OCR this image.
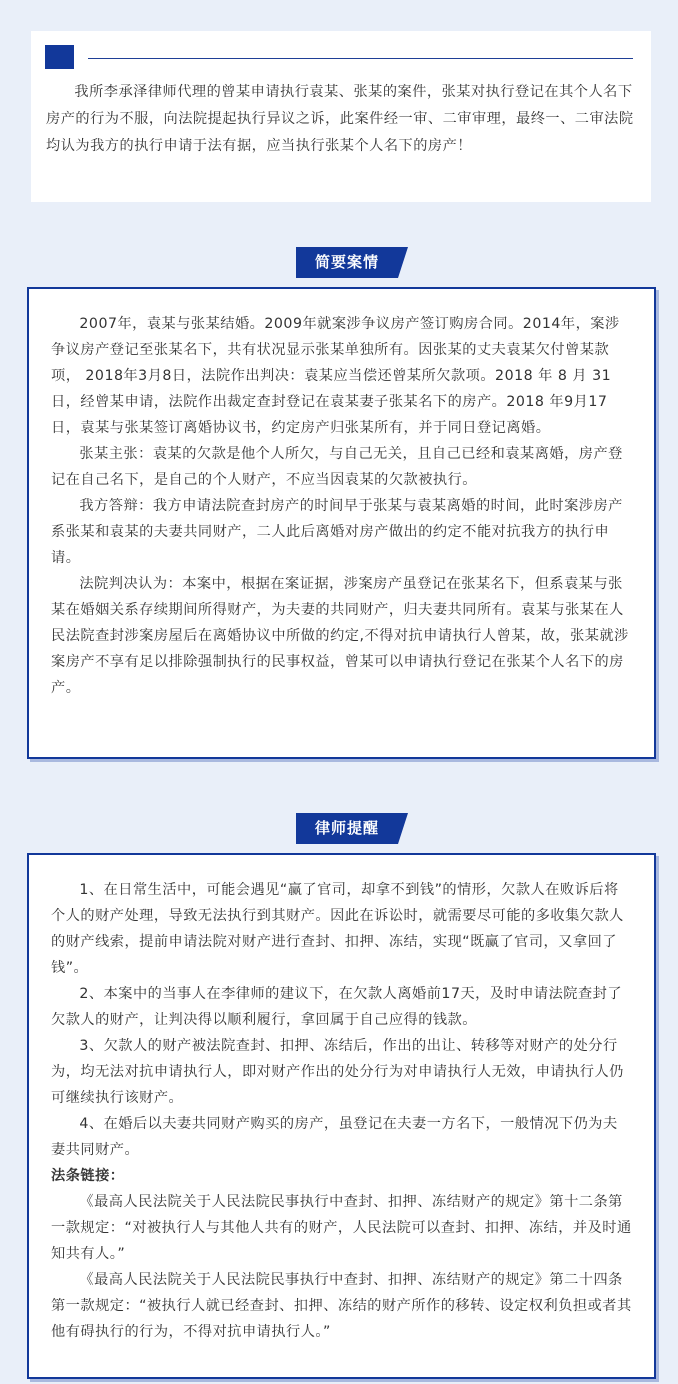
我所李承泽律师代理的曾某申请执行袁某、张某的案件，张某对执行登记在其个人名下房产的行为不服，向法院提起执行异议之诉，此案件经一审、二审审理，最终一、二审法院均认为我方的执行申请于法有据，应当执行张某个人名下的房产！

简要案情

2007年，袁某与张某结婚。2009年就案涉争议房产签订购房合同。2014年，案涉争议房产登记至张某名下，共有状况显示张某单独所有。因张某的丈夫袁某欠付曾某款项， 2018年3月8日，法院作出判决：袁某应当偿还曾某所欠款项。2018 年 8 月 31日，经曾某申请，法院作出裁定查封登记在袁某妻子张某名下的房产。2018 年9月17日，袁某与张某签订离婚协议书，约定房产归张某所有，并于同日登记离婚。

张某主张：袁某的欠款是他个人所欠，与自己无关，且自己已经和袁某离婚，房产登记在自己名下，是自己的个人财产，不应当因袁某的欠款被执行。

我方答辩：我方申请法院查封房产的时间早于张某与袁某离婚的时间，此时案涉房产系张某和袁某的夫妻共同财产，二人此后离婚对房产做出的约定不能对抗我方的执行申请。

法院判决认为：本案中，根据在案证据，涉案房产虽登记在张某名下，但系袁某与张某在婚姻关系存续期间所得财产，为夫妻的共同财产，归夫妻共同所有。袁某与张某在人民法院查封涉案房屋后在离婚协议中所做的约定,不得对抗申请执行人曾某，故，张某就涉案房产不享有足以排除强制执行的民事权益，曾某可以申请执行登记在张某个人名下的房产。

律师提醒

1、在日常生活中，可能会遇见“赢了官司，却拿不到钱”的情形，欠款人在败诉后将个人的财产处理，导致无法执行到其财产。因此在诉讼时，就需要尽可能的多收集欠款人的财产线索，提前申请法院对财产进行查封、扣押、冻结，实现“既赢了官司，又拿回了钱”。

2、本案中的当事人在李律师的建议下，在欠款人离婚前17天，及时申请法院查封了欠款人的财产，让判决得以顺利履行，拿回属于自己应得的钱款。

3、欠款人的财产被法院查封、扣押、冻结后，作出的出让、转移等对财产的处分行为，均无法对抗申请执行人，即对财产作出的处分行为对申请执行人无效，申请执行人仍可继续执行该财产。

4、在婚后以夫妻共同财产购买的房产，虽登记在夫妻一方名下，一般情况下仍为夫妻共同财产。

法条链接：

《最高人民法院关于人民法院民事执行中查封、扣押、冻结财产的规定》第十二条第一款规定：“对被执行人与其他人共有的财产，人民法院可以查封、扣押、冻结，并及时通知共有人。”

《最高人民法院关于人民法院民事执行中查封、扣押、冻结财产的规定》第二十四条第一款规定：“被执行人就已经查封、扣押、冻结的财产所作的移转、设定权利负担或者其他有碍执行的行为，不得对抗申请执行人。”
